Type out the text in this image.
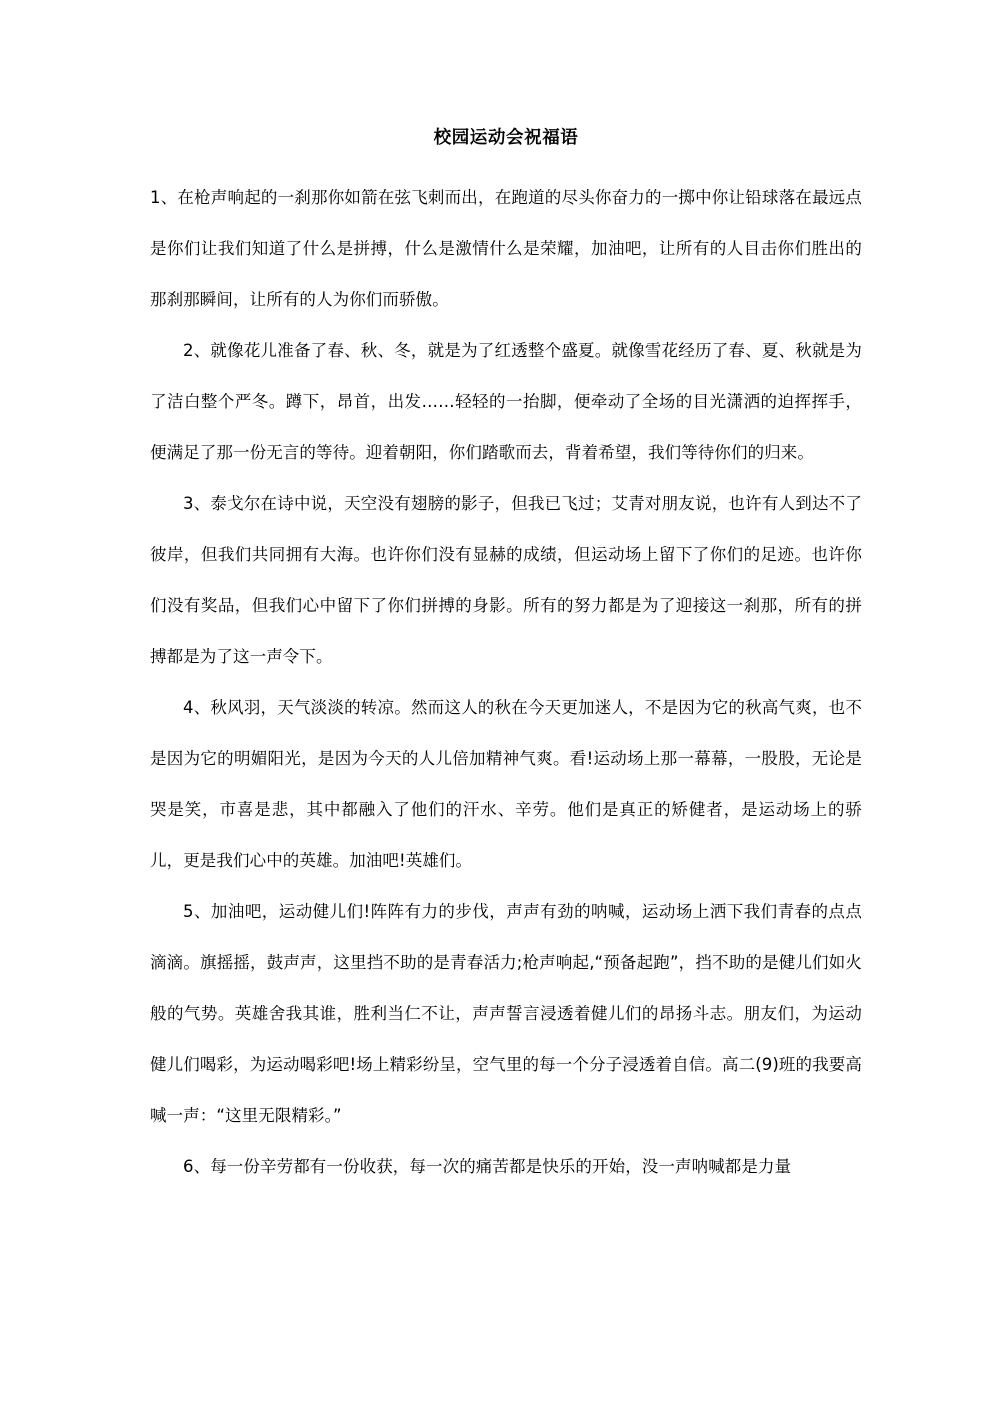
校园运动会祝福语

1、在枪声响起的一刹那你如箭在弦飞刺而出，在跑道的尽头你奋力的一掷中你让铅球落在最远点是你们让我们知道了什么是拼搏，什么是激情什么是荣耀，加油吧，让所有的人目击你们胜出的那刹那瞬间，让所有的人为你们而骄傲。

2、就像花儿准备了春、秋、冬，就是为了红透整个盛夏。就像雪花经历了春、夏、秋就是为了洁白整个严冬。蹲下，昂首，出发……轻轻的一抬脚，便牵动了全场的目光潇洒的迫挥挥手，便满足了那一份无言的等待。迎着朝阳，你们踏歌而去，背着希望，我们等待你们的归来。

3、泰戈尔在诗中说，天空没有翅膀的影子，但我已飞过；艾青对朋友说，也许有人到达不了彼岸，但我们共同拥有大海。也许你们没有显赫的成绩，但运动场上留下了你们的足迹。也许你们没有奖品，但我们心中留下了你们拼搏的身影。所有的努力都是为了迎接这一刹那，所有的拼搏都是为了这一声令下。

4、秋风羽，天气淡淡的转凉。然而这人的秋在今天更加迷人，不是因为它的秋高气爽，也不是因为它的明媚阳光，是因为今天的人儿倍加精神气爽。看!运动场上那一幕幕，一股股，无论是哭是笑，市喜是悲，其中都融入了他们的汗水、辛劳。他们是真正的矫健者，是运动场上的骄儿，更是我们心中的英雄。加油吧!英雄们。

5、加油吧，运动健儿们!阵阵有力的步伐，声声有劲的呐喊，运动场上洒下我们青春的点点滴滴。旗摇摇，鼓声声，这里挡不助的是青春活力;枪声响起,“预备起跑”，挡不助的是健儿们如火般的气势。英雄舍我其谁，胜利当仁不让，声声誓言浸透着健儿们的昂扬斗志。朋友们，为运动健儿们喝彩，为运动喝彩吧!场上精彩纷呈，空气里的每一个分子浸透着自信。高二(9)班的我要高喊一声：“这里无限精彩。”

6、每一份辛劳都有一份收获，每一次的痛苦都是快乐的开始，没一声呐喊都是力量
